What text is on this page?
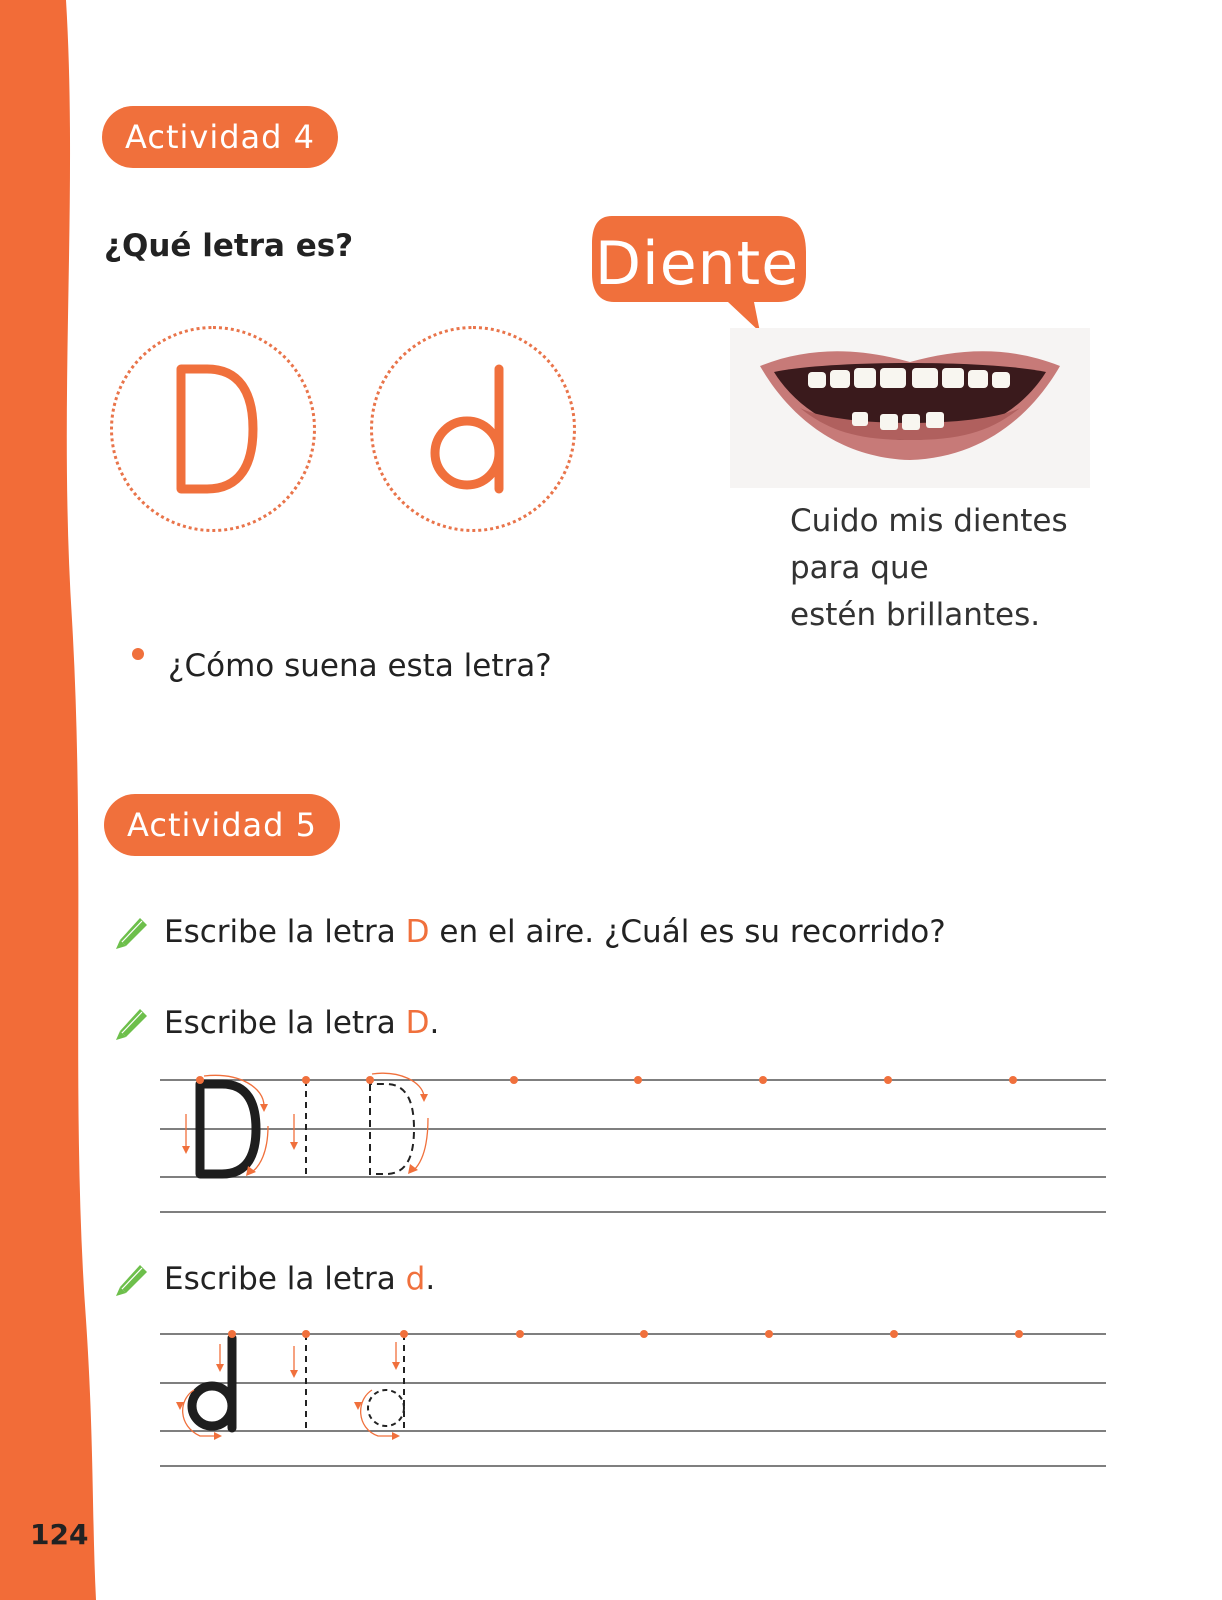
124
Actividad 4
¿Qué letra es?	Diente
Cuido mis dientes
para que
estén brillantes.
¿Cómo suena esta letra?
Actividad 5
Escribe la letra D en el aire. ¿Cuál es su recorrido?
Escribe la letra D.
Escribe la letra d.
